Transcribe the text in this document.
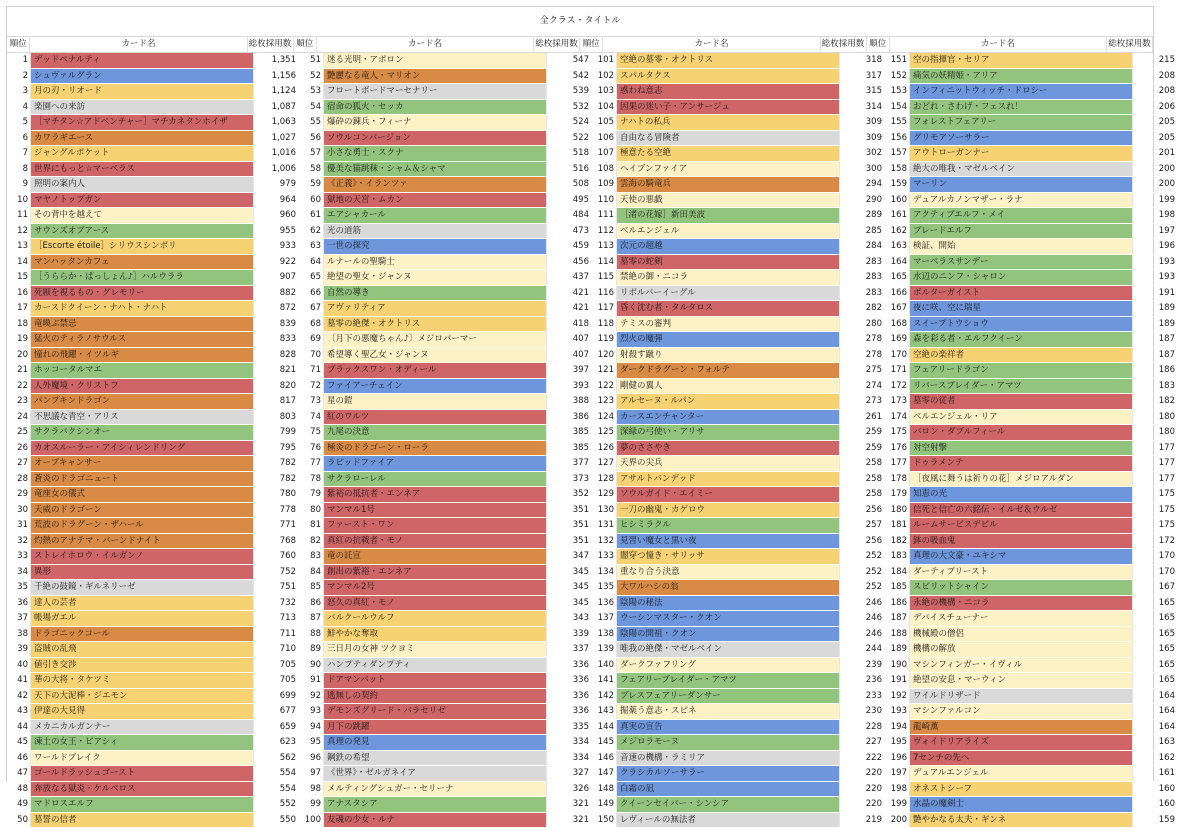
全クラス・タイトル
順位	カード名	総枚採用数 順位	カード名	総枚採用数 順位	カード名	総枚採用数 順位	カード名	総枚採用数
1 デッドペナルティ	1,351
2 シュヴァルグラン	1,156
3 月の刃・リオード	1,124
4 楽園への来訪	1,087
5 ［マチタン☆アドベンチャー］マチカネタンホイザ	1,063
6 カワラギエース	1,027
7 ジャングルポケット	1,016
8 世界にもっと☆マーベラス	1,006
9 照明の案内人	979
10 マヤノトップガン	964
11 その背中を越えて	960
12 サウンズオブアース	955
13 ［Escorte étoile］シリウスシンボリ	933
14 マンハッタンカフェ	922
15 ［うららか・ぱっしょん♪］ハルウララ	907
16 死厭を視るもの・グレモリー	882
17 カースドクイーン・ナハト・ナハト	872
18 竜喚ぶ禁忌	839
19 猛火のティラノサウルス	833
20 憧れの飛躍・イツルギ	828
21 ホッコータルマエ	821
22 人外魔境・クリストフ	820
23 パンプキンドラゴン	817
24 不思議な青空・アリス	803
25 サクラバクシンオー	799
26 カオスルーラー・アイシィレンドリング	795
27 オーブキャンサー	782
28 蒼炎のドラゴニュート	782
29 竜座女の儀式	780
30 天威のドラゴーン	778
31 荒波のドラグーン・ザハール	771
32 灼熱のアナテマ・バーンドナイト	768
33 ストレイホロウ・イルガンノ	760
34 異形	752
35 千絶の鼓鏡・ギルネリーゼ	751
36 達人の芸者	732
37 帳場ガエル	713
38 ドラゴニックコール	711
39 盗賊の乱飛	710
40 値引き交渉	705
41 華の大将・タケツミ	705
42 天下の大泥棒・ジエモン	699
43 伊達の大見得	677
44 メカニカルガンナー	659
45 凍土の女王・ピアシィ	623
46 ワールドブレイク	562
47 ゴールドラッシュゴースト	554
48 奔放なる獄炎・ケルベロス	554
49 マドロスエルフ	552
50 墓誓の信者	550
51 迷る光明・アポロン	547
52 艶麗なる竜人・マリオン	542
53 フロートボードマーセナリー	539
54 宿命の狐火・セッカ	532
55 爆砕の錬兵・フィーナ	524
56 ソウルコンバージョン	522
57 小さな勇士・スクナ	518
58 優美な猫跳秣・シャム＆シャマ	516
59 《正義》・イランツァ	508
60 獄地の天宮・ムカン	495
61 エアシャカール	484
62 光の道筋	473
63 一世の探究	459
64 ルナールの聖騎士	456
65 絶望の聖女・ジャンヌ	437
66 自然の導き	421
67 アヴァリティア	421
68 墓零の絶傑・オクトリス	418
69 〔月下の悪魔ちゃん♪〕メジロパーマー	407
70 希望導く聖乙女・ジャンヌ	407
71 ブラックスワン・オディール	397
72 ファイアーチェイン	393
73 星の鎧	388
74 紅のワルツ	386
75 九尾の決意	385
76 極炎のドラゴーン・ローラ	385
77 ラピッドファイア	377
78 サクラローレル	373
79 紫裕の抵抗者・エンネア	352
80 マンマル1号	351
81 ファースト・ワン	351
82 真紅の抗戦者・モノ	351
83 竜の託宣	347
84 創出の紫裕・エンネア	345
85 マンマル2号	345
86 怒久の真紅・モノ	345
87 バルクールウルフ	343
88 鮮やかな奪取	339
89 三日月の女神 ツクヨミ	337
90 ハンプティダンプティ	336
91 ドアマンバット	336
92 逃無しの契約	336
93 デモンズグリード・バラセリゼ	336
94 月下の跳躍	335
95 真理の発見	334
96 鋼鉄の希望	334
97 《世界》・ゼルガネイア	327
98 メルティングシュガー・セリーナ	326
99 アナスタシア	321
100 友魂の少女・ルナ	321
101 空絶の墓零・オクトリス	318
102 スパルタクス	317
103 惑わね意志	315
104 因果の迷い子・アンサージュ	314
105 ナハトの私兵	309
106 自由なる冒険者	309
107 極意たる空絶	302
108 ヘイブンファイア	300
109 雲海の騎竜兵	294
110 天使の悪戯	290
111 ［渚の花嫁］新田美波	289
112 ベルエンジェル	285
113 次元の超越	284
114 墓零の蛇剣	283
115 禁絶の御・ニコラ	283
116 リボルバーイーグル	283
117 昏く沈む者・タルタロス	282
118 テミスの審判	280
119 烈火の魔弾	278
120 射殺す蹴り	278
121 ダークドラグーン・フォルテ	275
122 剛健の翼人	274
123 アルセーヌ・ルパン	273
124 カースエンチャンター	261
125 深緑の弓使い・アリサ	259
126 夢のささやき	259
127 天界の尖兵	258
128 アサルトバンデッド	258
129 ソウルガイド・エイミー	258
130 一刀の幽鬼・カゲロウ	256
131 ヒシミラクル	257
132 見習い魔女と黒い夜	256
133 闇穿つ憧き・サリッサ	252
134 重なり合う決意	252
135 大ワルハシの翁	252
136 陰陽の秘法	246
137 ウーシンマスター・クオン	246
138 陰陽の開祖・クオン	246
139 唯我の絶傑・マゼルベイン	244
140 ダークファフリング	239
141 フェアリーブレイダー・アマツ	236
142 ブレスフェアリーダンサー	233
143 掘薬う意志・スピネ	230
144 真実の宣告	228
145 メジロラモーヌ	227
146 音速の機構・ラミリア	222
147 クラシカルソーサラー	220
148 白霜の凪	220
149 クイーンセイバー・シンシア	220
150 レヴィールの無法者	219
151 空の指揮官・セリア	215
152 痛気の妖精姫・アリア	208
153 インフィニットウィッチ・ドロシー	208
154 おどれ・さわげ・フェスれ！	206
155 フォレストフェアリー	205
156 グリモアソーサラー	205
157 アウトローガンナー	201
158 絶大の唯我・マゼルベイン	200
159 マーリン	200
160 デュアルカノンマザー・ラナ	199
161 アクティブエルフ・メイ	198
162 ブレードエルフ	197
163 検証、開始	196
164 マーベラスサンデー	193
165 水辺のニンフ・シャロン	193
166 ボルターガイスト	191
167 夜に咲、空に瑞星	189
168 スイープトウショウ	189
169 森を彩る者・エルフクイーン	187
170 空絶の楽祥者	187
171 フェアリードラゴン	186
172 リバースブレイダー・アマツ	183
173 墓零の従者	182
174 ベルエンジェル・リア	180
175 バロン・ダブルフィール	180
176 対空射撃	177
177 ドゥラメンテ	177
178 ［夜風に舞うは祈りの花］メジロアルダン	177
179 知恵の光	175
180 信死と信亡の六銘伝・イルゼ＆ウルゼ	175
181 ルームサービスデビル	175
182 鉢の吸血鬼	172
183 真理の大文豪・ユキシマ	170
184 ダーティプリースト	170
185 スピリットシャイン	167
186 永絶の機構・ニコラ	165
187 デバイスチューナー	165
188 機械殿の僧侶	165
189 機構の解放	165
190 マシンフィンガー・イヴィル	165
191 絶望の安息・マーウィン	165
192 ワイルドリザード	164
193 マシンファルコン	164
194 龍崎薫	164
195 ヴォイドリアライズ	163
196 7センチの先へ	162
197 デュアルエンジェル	161
198 オネストシーフ	160
199 水晶の魔剣士	160
200 艶やかなる太夫・ギンネ	159
